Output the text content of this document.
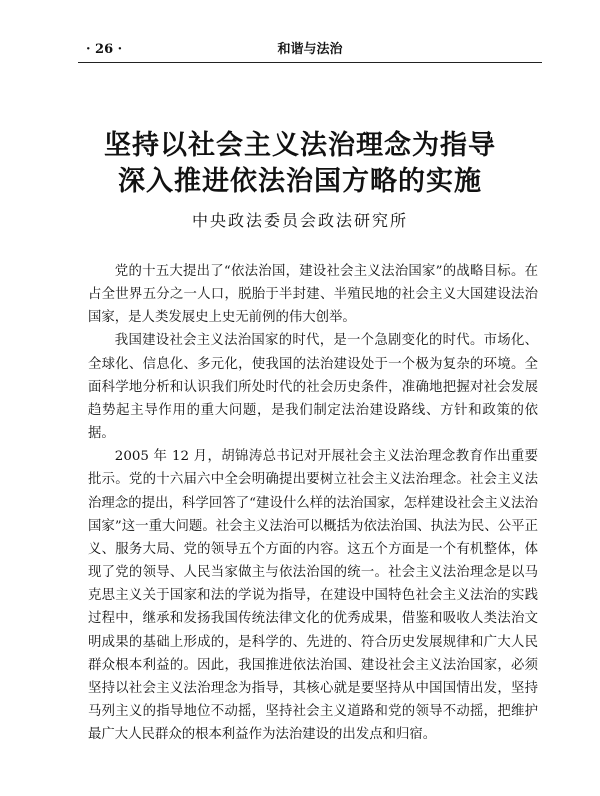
· 26 ·	和谐与法治
坚持以社会主义法治理念为指导
深入推进依法治国方略的实施
中央政法委员会政法研究所

党的十五大提出了“依法治国，建设社会主义法治国家”的战略目标。在占全世界五分之一人口，脱胎于半封建、半殖民地的社会主义大国建设法治国家，是人类发展史上史无前例的伟大创举。

我国建设社会主义法治国家的时代，是一个急剧变化的时代。市场化、全球化、信息化、多元化，使我国的法治建设处于一个极为复杂的环境。全面科学地分析和认识我们所处时代的社会历史条件，准确地把握对社会发展趋势起主导作用的重大问题，是我们制定法治建设路线、方针和政策的依据。

2005 年 12 月，胡锦涛总书记对开展社会主义法治理念教育作出重要批示。党的十六届六中全会明确提出要树立社会主义法治理念。社会主义法治理念的提出，科学回答了“建设什么样的法治国家，怎样建设社会主义法治国家”这一重大问题。社会主义法治可以概括为依法治国、执法为民、公平正义、服务大局、党的领导五个方面的内容。这五个方面是一个有机整体，体现了党的领导、人民当家做主与依法治国的统一。社会主义法治理念是以马克思主义关于国家和法的学说为指导，在建设中国特色社会主义法治的实践过程中，继承和发扬我国传统法律文化的优秀成果，借鉴和吸收人类法治文明成果的基础上形成的，是科学的、先进的、符合历史发展规律和广大人民群众根本利益的。因此，我国推进依法治国、建设社会主义法治国家，必须坚持以社会主义法治理念为指导，其核心就是要坚持从中国国情出发，坚持马列主义的指导地位不动摇，坚持社会主义道路和党的领导不动摇，把维护最广大人民群众的根本利益作为法治建设的出发点和归宿。
